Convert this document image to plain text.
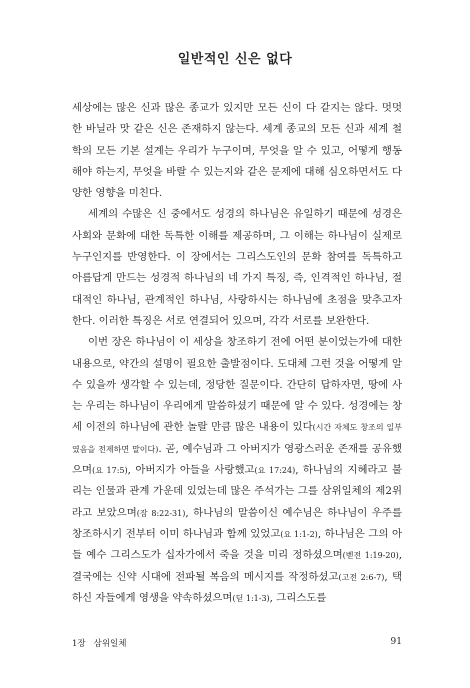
일반적인 신은 없다

세상에는 많은 신과 많은 종교가 있지만 모든 신이 다 같지는 않다. 멋멋한 바닐라 맛 같은 신은 존재하지 않는다. 세계 종교의 모든 신과 세계 철학의 모든 기본 설계는 우리가 누구이며, 무엇을 알 수 있고, 어떻게 행동해야 하는지, 무엇을 바랄 수 있는지와 같은 문제에 대해 심오하면서도 다양한 영향을 미친다.

세계의 수많은 신 중에서도 성경의 하나님은 유일하기 때문에 성경은 사회와 문화에 대한 독특한 이해를 제공하며, 그 이해는 하나님이 실제로 누구인지를 반영한다. 이 장에서는 그리스도인의 문화 참여를 독특하고 아름답게 만드는 성경적 하나님의 네 가지 특징, 즉, 인격적인 하나님, 절대적인 하나님, 관계적인 하나님, 사랑하시는 하나님에 초점을 맞추고자 한다. 이러한 특징은 서로 연결되어 있으며, 각각 서로를 보완한다.

이번 장은 하나님이 이 세상을 창조하기 전에 어떤 분이었는가에 대한 내용으로, 약간의 설명이 필요한 출발점이다. 도대체 그런 것을 어떻게 알 수 있을까 생각할 수 있는데, 정당한 질문이다. 간단히 답하자면, 땅에 사는 우리는 하나님이 우리에게 말씀하셨기 때문에 알 수 있다. 성경에는 창세 이전의 하나님에 관한 놀랄 만큼 많은 내용이 있다(시간 자체도 창조의 일부였음을 전제하면 말이다). 곧, 예수님과 그 아버지가 영광스러운 존재를 공유했으며(요 17:5), 아버지가 아들을 사랑했고(요 17:24), 하나님의 지혜라고 불리는 인물과 관계 가운데 있었는데 많은 주석가는 그를 삼위일체의 제2위라고 보았으며(잠 8:22-31), 하나님의 말씀이신 예수님은 하나님이 우주를 창조하시기 전부터 이미 하나님과 함께 있었고(요 1:1-2), 하나님은 그의 아들 예수 그리스도가 십자가에서 죽을 것을 미리 정하셨으며(벧전 1:19-20), 결국에는 신약 시대에 전파될 복음의 메시지를 작정하셨고(고전 2:6-7), 택하신 자들에게 영생을 약속하셨으며(딛 1:1-3), 그리스도를

1장 삼위일체	91
